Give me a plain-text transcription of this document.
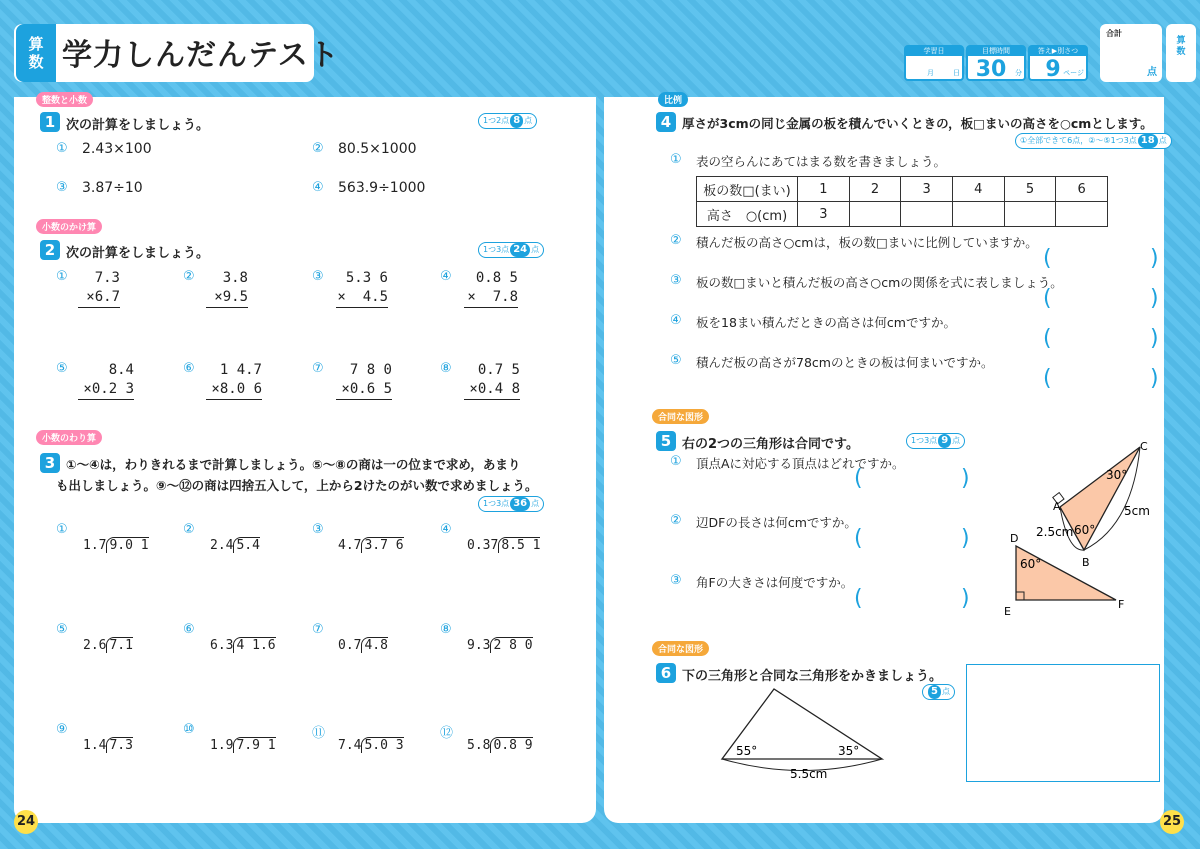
算数 学力しんだんテスト	学習日
月	日
目標時間
30	分
答え▶別さつ
9 ページ
合計
点
算数
整数と小数
1 次の計算をしましょう。	1つ2点 8 点
① 2.43×100	② 80.5×1000
③ 3.87÷10	④ 563.9÷1000
小数のかけ算
2 次の計算をしましょう。	1つ3点 24 点
①	7.3
×6.7
②	3.8
×9.5
③	5.3 6
×  4.5
④	0.8 5
×  7.8
⑤	8.4
×0.2 3
⑥	1 4.7
×8.0 6
⑦	7 8 0
×0.6 5
⑧	0.7 5
×0.4 8
小数のわり算
3 ①〜④は，わりきれるまで計算しましょう。⑤〜⑧の商は一の位まで求め，あまり
も出しましょう。⑨〜⑫の商は四捨五入して，上から2けたのがい数で求めましょう。
1つ3点 36 点
①
1.7 9.0 1
②
2.4 5.4
③
4.7 3.7 6
④
0.37 8.5 1
⑤
2.6 7.1
⑥
6.3 4 1.6
⑦
0.7 4.8
⑧
9.3 2 8 0
⑨
1.4 7.3
⑩
1.9 7.9 1
⑪
7.4 5.0 3
⑫
5.8 0.8 9
比例
4 厚さが3cmの同じ金属の板を積んでいくときの，板□まいの高さを○cmとします。
①全部できて6点，②〜⑤1つ3点 18 点
① 表の空らんにあてはまる数を書きましょう。
板の数□(まい)	1	2	3	4	5	6
高さ　○(cm)	3					
② 積んだ板の高さ○cmは，板の数□まいに比例していますか。
(	)
③ 板の数□まいと積んだ板の高さ○cmの関係を式に表しましょう。
(	)
④ 板を18まい積んだときの高さは何cmですか。
(	)
⑤ 積んだ板の高さが78cmのときの板は何まいですか。
(	)
合同な図形
5 右の2つの三角形は合同です。	1つ3点 9 点
① 頂点Aに対応する頂点はどれですか。
(	)
② 辺DFの長さは何cmですか。
(	)
③ 角Fの大きさは何度ですか。
(	)
A
B
C
D
E
F
30°
60°
60°
2.5cm
5cm
合同な図形
6 下の三角形と合同な三角形をかきましょう。
5 点
55°	35°
5.5cm
24	25
